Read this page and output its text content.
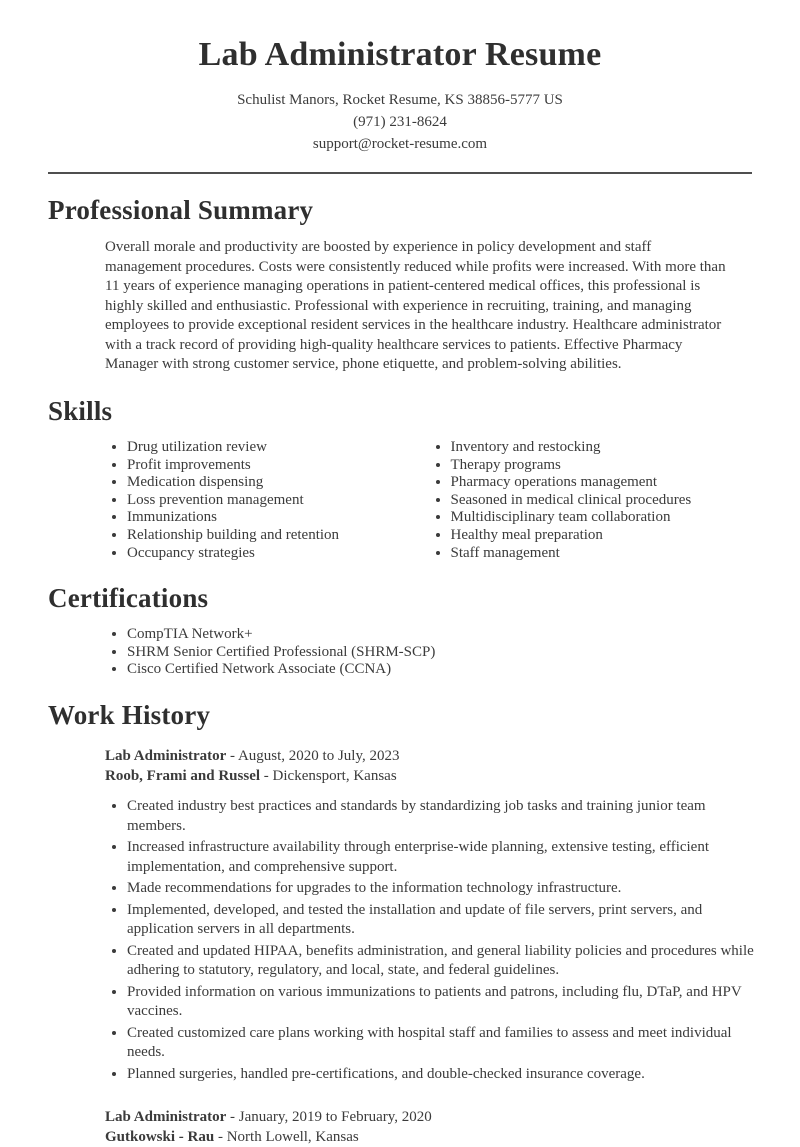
Lab Administrator Resume

Schulist Manors, Rocket Resume, KS 38856-5777 US

(971) 231-8624

support@rocket-resume.com

Professional Summary

Overall morale and productivity are boosted by experience in policy development and staff management procedures. Costs were consistently reduced while profits were increased. With more than 11 years of experience managing operations in patient-centered medical offices, this professional is highly skilled and enthusiastic. Professional with experience in recruiting, training, and managing employees to provide exceptional resident services in the healthcare industry. Healthcare administrator with a track record of providing high-quality healthcare services to patients. Effective Pharmacy Manager with strong customer service, phone etiquette, and problem-solving abilities.

Skills
• Drug utilization review
• Profit improvements
• Medication dispensing
• Loss prevention management
• Immunizations
• Relationship building and retention
• Occupancy strategies
• Inventory and restocking
• Therapy programs
• Pharmacy operations management
• Seasoned in medical clinical procedures
• Multidisciplinary team collaboration
• Healthy meal preparation
• Staff management
Certifications
• CompTIA Network+
• SHRM Senior Certified Professional (SHRM-SCP)
• Cisco Certified Network Associate (CCNA)
Work History

Lab Administrator - August, 2020 to July, 2023

Roob, Frami and Russel - Dickensport, Kansas

• Created industry best practices and standards by standardizing job tasks and training junior team members.
• Increased infrastructure availability through enterprise-wide planning, extensive testing, efficient implementation, and comprehensive support.
• Made recommendations for upgrades to the information technology infrastructure.
• Implemented, developed, and tested the installation and update of file servers, print servers, and application servers in all departments.
• Created and updated HIPAA, benefits administration, and general liability policies and procedures while adhering to statutory, regulatory, and local, state, and federal guidelines.
• Provided information on various immunizations to patients and patrons, including flu, DTaP, and HPV vaccines.
• Created customized care plans working with hospital staff and families to assess and meet individual needs.
• Planned surgeries, handled pre-certifications, and double-checked insurance coverage.

Lab Administrator - January, 2019 to February, 2020

Gutkowski - Rau - North Lowell, Kansas
